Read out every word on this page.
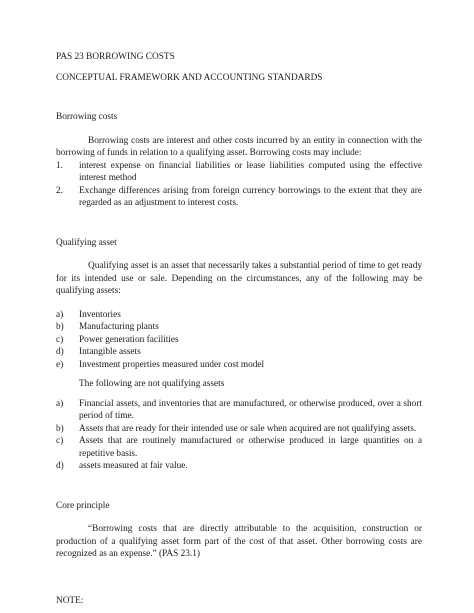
PAS 23 BORROWING COSTS
CONCEPTUAL FRAMEWORK AND ACCOUNTING STANDARDS
Borrowing costs

Borrowing costs are interest and other costs incurred by an entity in connection with the borrowing of funds in relation to a qualifying asset. Borrowing costs may include:

1.	interest expense on financial liabilities or lease liabilities computed using the effective interest method
2.	Exchange differences arising from foreign currency borrowings to the extent that they are regarded as an adjustment to interest costs.
Qualifying asset

Qualifying asset is an asset that necessarily takes a substantial period of time to get ready for its intended use or sale. Depending on the circumstances, any of the following may be qualifying assets:

a)	Inventories
b)	Manufacturing plants
c)	Power generation facilities
d)	Intangible assets
e)	Investment properties measured under cost model

The following are not qualifying assets

a)	Financial assets, and inventories that are manufactured, or otherwise produced, over a short period of time.
b)	Assets that are ready for their intended use or sale when acquired are not qualifying assets.
c)	Assets that are routinely manufactured or otherwise produced in large quantities on a repetitive basis.
d)	assets measured at fair value.
Core principle

“Borrowing costs that are directly attributable to the acquisition, construction or production of a qualifying asset form part of the cost of that asset. Other borrowing costs are recognized as an expense.” (PAS 23.1)

NOTE:
